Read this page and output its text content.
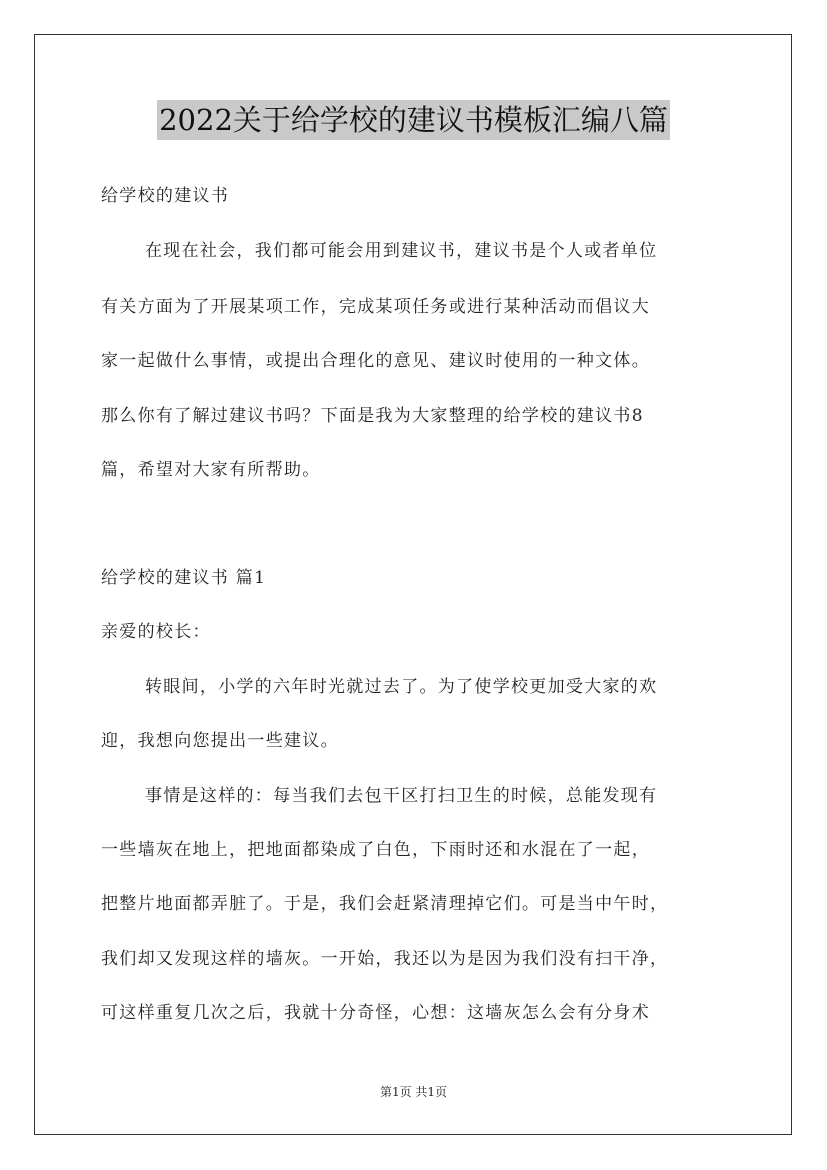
2022关于给学校的建议书模板汇编八篇
给学校的建议书
在现在社会，我们都可能会用到建议书，建议书是个人或者单位
有关方面为了开展某项工作，完成某项任务或进行某种活动而倡议大
家一起做什么事情，或提出合理化的意见、建议时使用的一种文体。
那么你有了解过建议书吗？下面是我为大家整理的给学校的建议书8
篇，希望对大家有所帮助。
给学校的建议书 篇1
亲爱的校长：
转眼间，小学的六年时光就过去了。为了使学校更加受大家的欢
迎，我想向您提出一些建议。
事情是这样的：每当我们去包干区打扫卫生的时候，总能发现有
一些墙灰在地上，把地面都染成了白色，下雨时还和水混在了一起，
把整片地面都弄脏了。于是，我们会赶紧清理掉它们。可是当中午时，
我们却又发现这样的墙灰。一开始，我还以为是因为我们没有扫干净，
可这样重复几次之后，我就十分奇怪，心想：这墙灰怎么会有分身术
第1页 共1页
